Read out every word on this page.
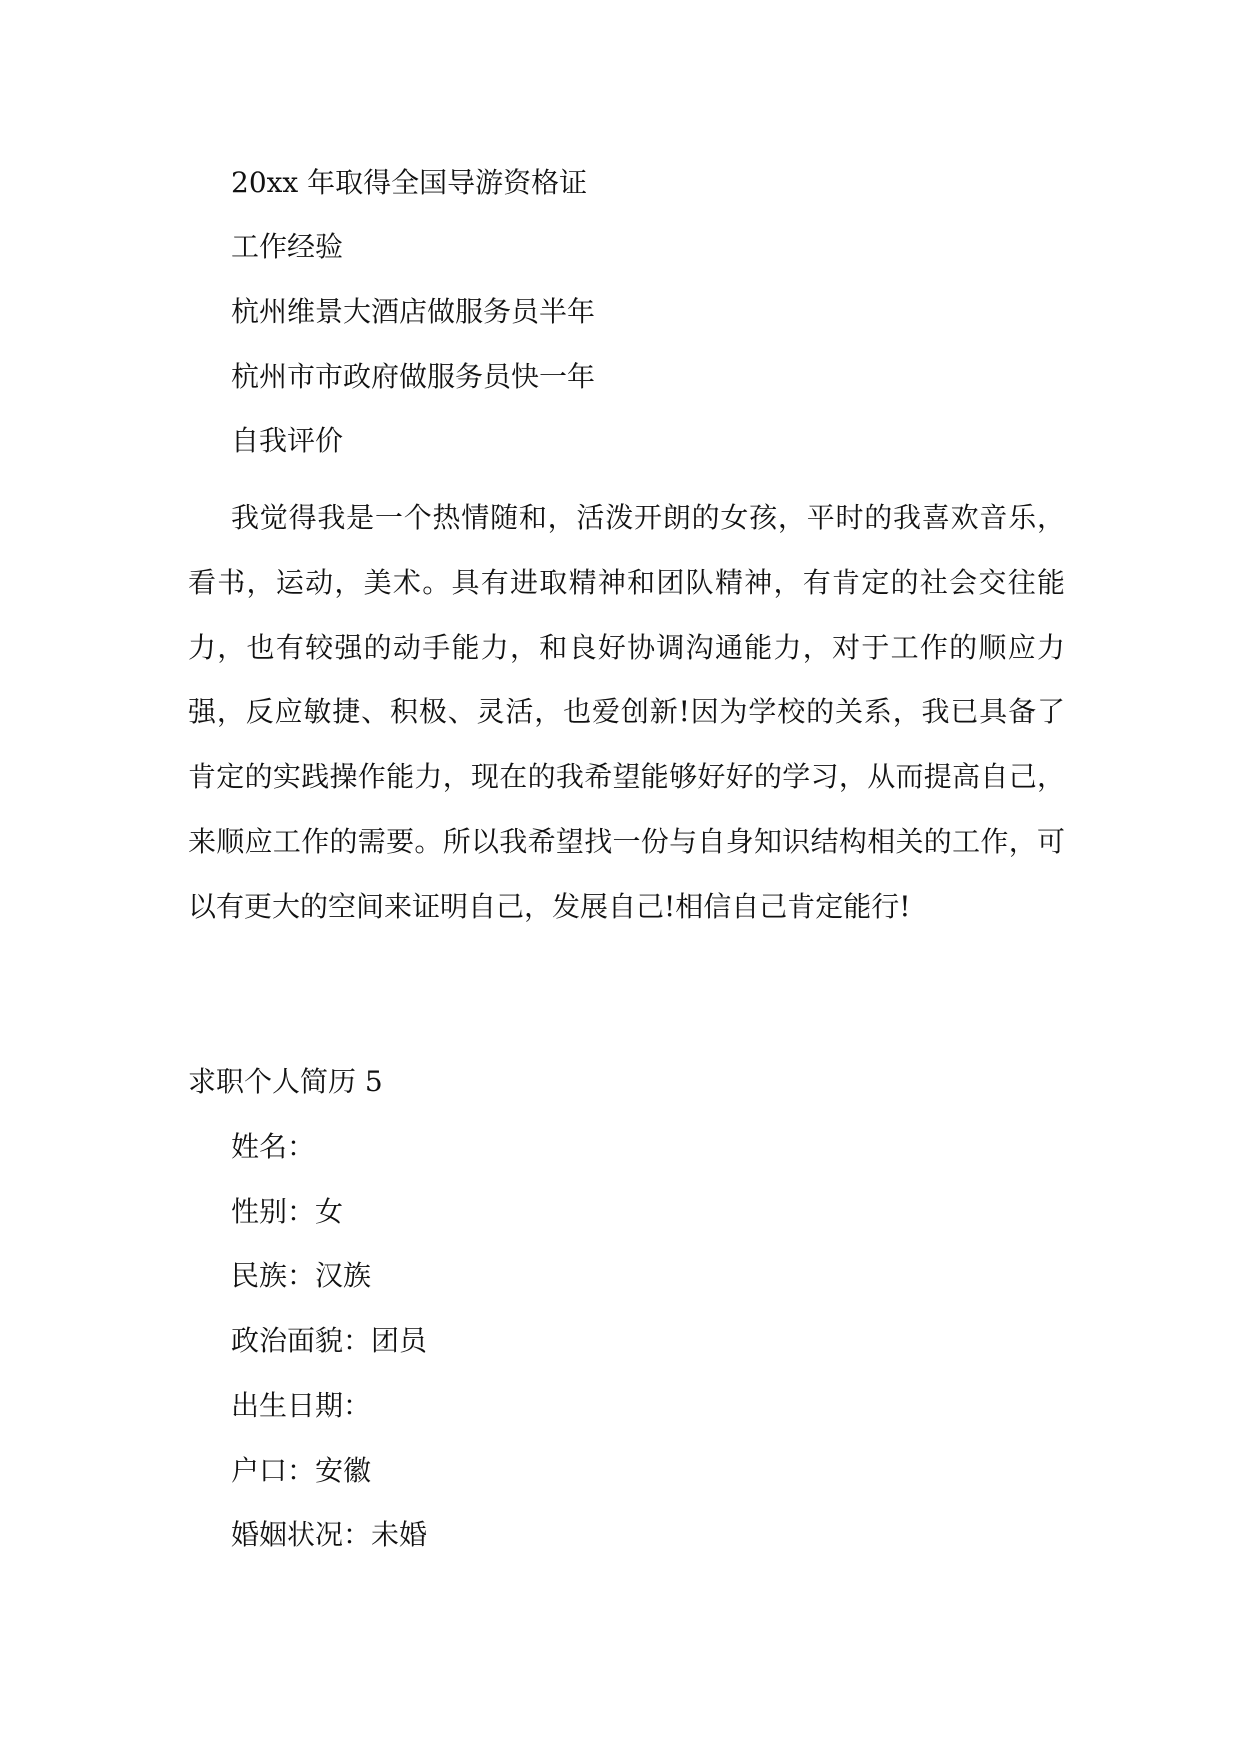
20xx 年取得全国导游资格证

工作经验

杭州维景大酒店做服务员半年

杭州市市政府做服务员快一年

自我评价

我觉得我是一个热情随和，活泼开朗的女孩，平时的我喜欢音乐，看书，运动，美术。具有进取精神和团队精神，有肯定的社会交往能力，也有较强的动手能力，和良好协调沟通能力，对于工作的顺应力强，反应敏捷、积极、灵活，也爱创新!因为学校的关系，我已具备了肯定的实践操作能力，现在的我希望能够好好的学习，从而提高自己，来顺应工作的需要。所以我希望找一份与自身知识结构相关的工作，可以有更大的空间来证明自己，发展自己!相信自己肯定能行!

求职个人简历 5

姓名：

性别：女

民族：汉族

政治面貌：团员

出生日期：

户口：安徽

婚姻状况：未婚
